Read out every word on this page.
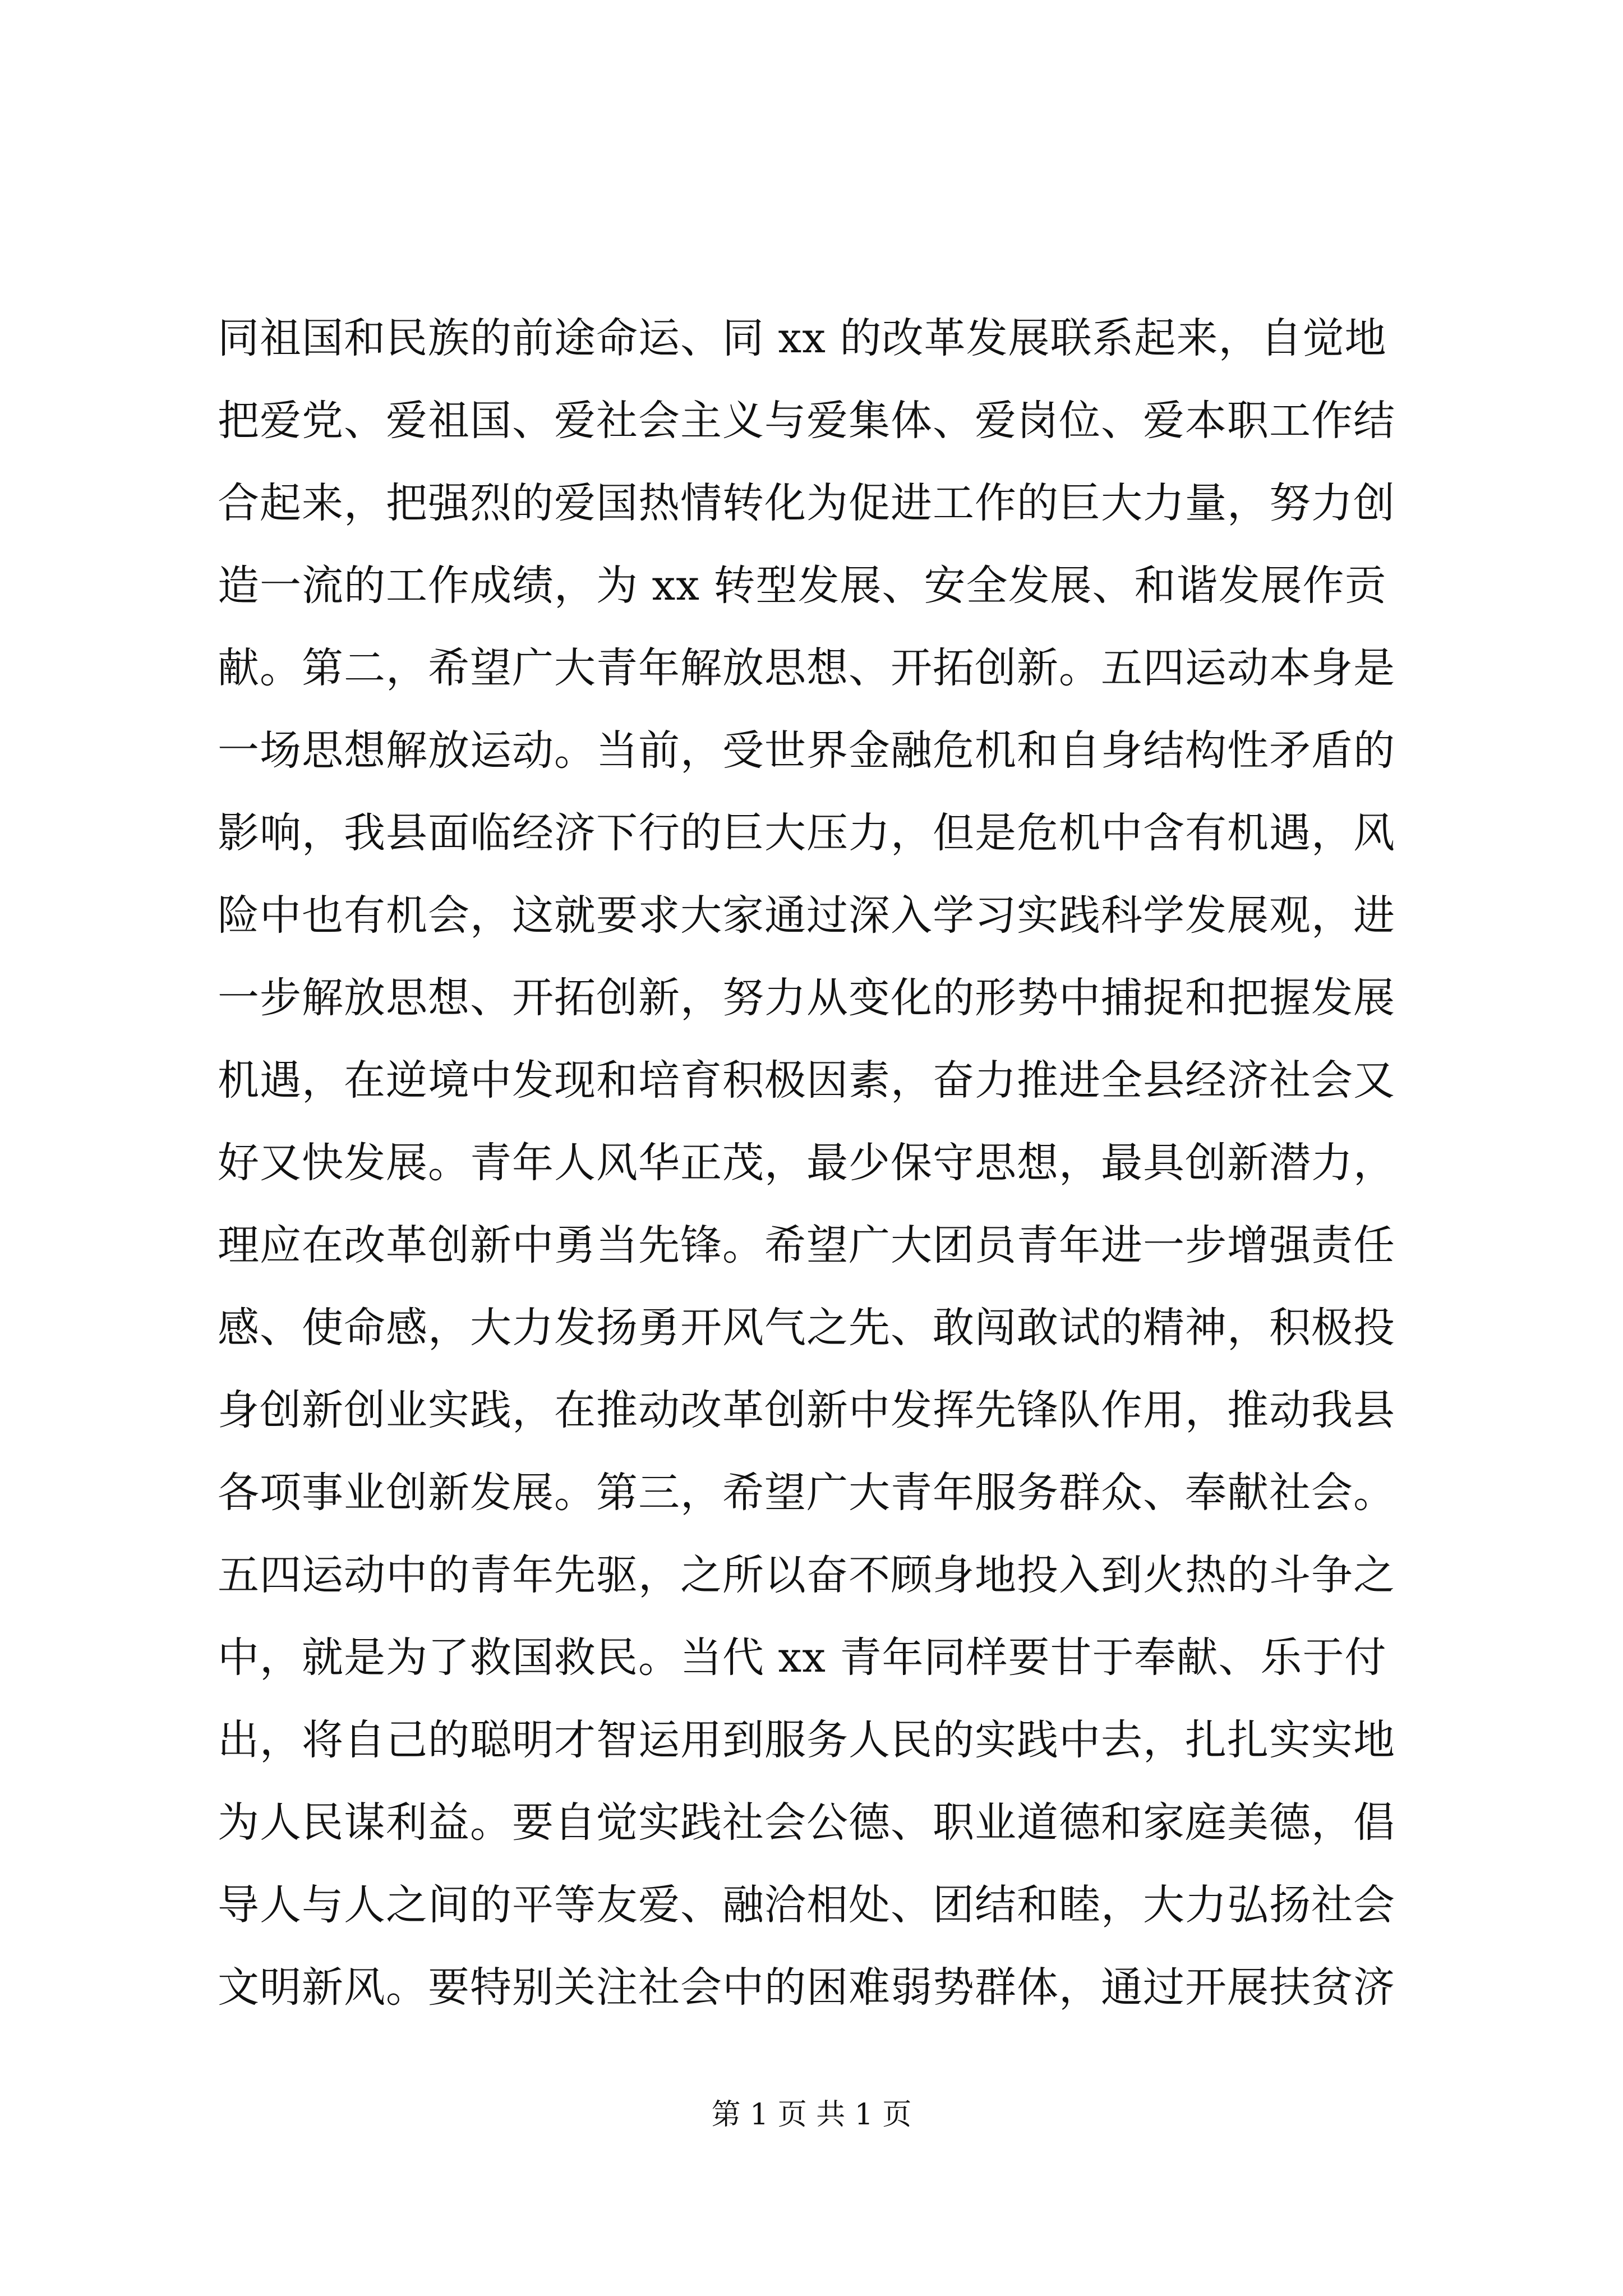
同祖国和民族的前途命运、同 xx 的改革发展联系起来，自觉地
把爱党、爱祖国、爱社会主义与爱集体、爱岗位、爱本职工作结
合起来，把强烈的爱国热情转化为促进工作的巨大力量，努力创
造一流的工作成绩，为 xx 转型发展、安全发展、和谐发展作贡
献。第二，希望广大青年解放思想、开拓创新。五四运动本身是
一场思想解放运动。当前，受世界金融危机和自身结构性矛盾的
影响，我县面临经济下行的巨大压力，但是危机中含有机遇，风
险中也有机会，这就要求大家通过深入学习实践科学发展观，进
一步解放思想、开拓创新，努力从变化的形势中捕捉和把握发展
机遇，在逆境中发现和培育积极因素，奋力推进全县经济社会又
好又快发展。青年人风华正茂，最少保守思想，最具创新潜力，
理应在改革创新中勇当先锋。希望广大团员青年进一步增强责任
感、使命感，大力发扬勇开风气之先、敢闯敢试的精神，积极投
身创新创业实践，在推动改革创新中发挥先锋队作用，推动我县
各项事业创新发展。第三，希望广大青年服务群众、奉献社会。
五四运动中的青年先驱，之所以奋不顾身地投入到火热的斗争之
中，就是为了救国救民。当代 xx 青年同样要甘于奉献、乐于付
出，将自己的聪明才智运用到服务人民的实践中去，扎扎实实地
为人民谋利益。要自觉实践社会公德、职业道德和家庭美德，倡
导人与人之间的平等友爱、融洽相处、团结和睦，大力弘扬社会
文明新风。要特别关注社会中的困难弱势群体，通过开展扶贫济
第 1 页 共 1 页
